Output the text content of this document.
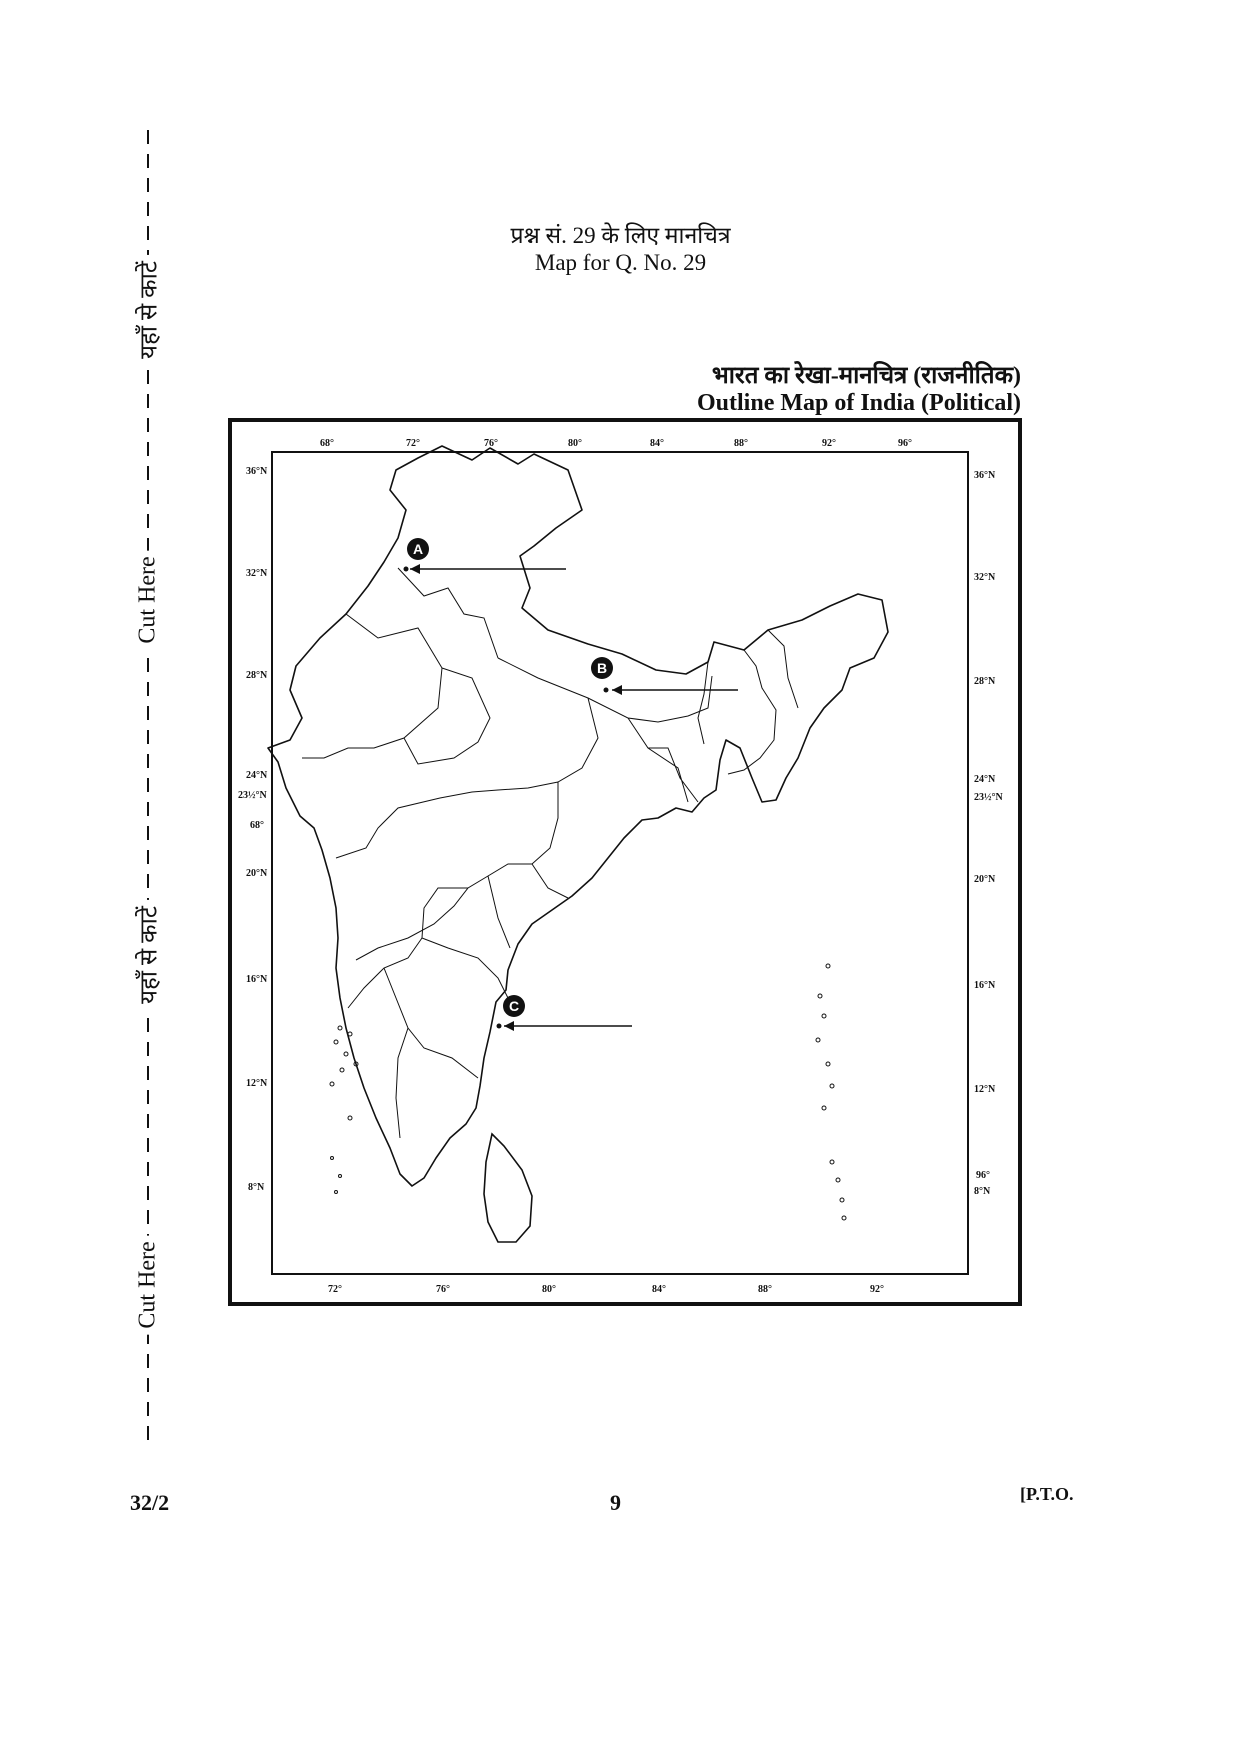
यहाँ से काटें
Cut Here
यहाँ से काटें
Cut Here
प्रश्न सं. 29 के लिए मानचित्र
Map for Q. No. 29
भारत का रेखा-मानचित्र (राजनीतिक)
Outline Map of India (Political)
68°	72°	76°	80°	84°	88°	92°	96°
72°	76°	80°	84°	88°	92°
36°N
32°N
28°N
24°N
23½°N
68°
20°N
16°N
12°N
8°N
36°N
32°N
28°N
24°N
23½°N
20°N
16°N
12°N
96°
8°N
A
B
C
32/2	9	[P.T.O.
